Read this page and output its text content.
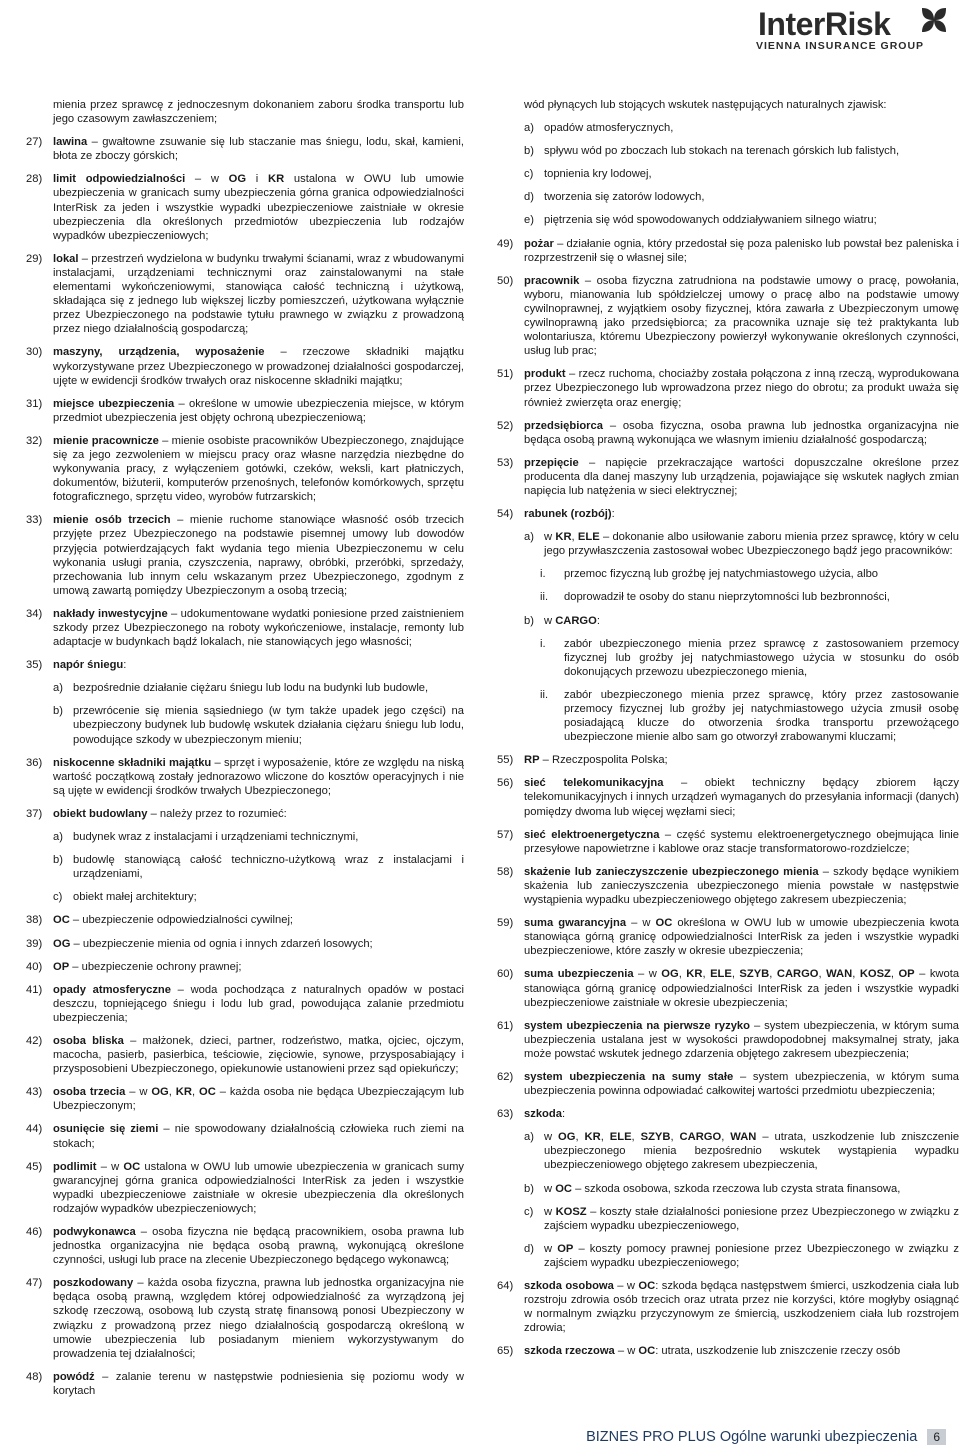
InterRisk
VIENNA INSURANCE GROUP
mienia przez sprawcę z jednoczesnym dokonaniem zaboru środka transportu lub jego czasowym zawłaszczeniem;
27) lawina – gwałtowne zsuwanie się lub staczanie mas śniegu, lodu, skał, kamieni, błota ze zboczy górskich;
28) limit odpowiedzialności – w OG i KR ustalona w OWU lub umowie ubezpieczenia w granicach sumy ubezpieczenia górna granica odpowiedzialności InterRisk za jeden i wszystkie wypadki ubezpieczeniowe zaistniałe w okresie ubezpieczenia dla określonych przedmiotów ubezpieczenia lub rodzajów wypadków ubezpieczeniowych;
29) lokal – przestrzeń wydzielona w budynku trwałymi ścianami, wraz z wbudowanymi instalacjami, urządzeniami technicznymi oraz zainstalowanymi na stałe elementami wykończeniowymi, stanowiąca całość techniczną i użytkową, składająca się z jednego lub większej liczby pomieszczeń, użytkowana wyłącznie przez Ubezpieczonego na podstawie tytułu prawnego w związku z prowadzoną przez niego działalnością gospodarczą;
30) maszyny, urządzenia, wyposażenie – rzeczowe składniki majątku wykorzystywane przez Ubezpieczonego w prowadzonej działalności gospodarczej, ujęte w ewidencji środków trwałych oraz niskocenne składniki majątku;
31) miejsce ubezpieczenia – określone w umowie ubezpieczenia miejsce, w którym przedmiot ubezpieczenia jest objęty ochroną ubezpieczeniową;
32) mienie pracownicze – mienie osobiste pracowników Ubezpieczonego, znajdujące się za jego zezwoleniem w miejscu pracy oraz własne narzędzia niezbędne do wykonywania pracy, z wyłączeniem gotówki, czeków, weksli, kart płatniczych, dokumentów, biżuterii, komputerów przenośnych, telefonów komórkowych, sprzętu fotograficznego, sprzętu video, wyrobów futrzarskich;
33) mienie osób trzecich – mienie ruchome stanowiące własność osób trzecich przyjęte przez Ubezpieczonego na podstawie pisemnej umowy lub dowodów przyjęcia potwierdzających fakt wydania tego mienia Ubezpieczonemu w celu wykonania usługi prania, czyszczenia, naprawy, obróbki, przeróbki, sprzedaży, przechowania lub innym celu wskazanym przez Ubezpieczonego, zgodnym z umową zawartą pomiędzy Ubezpieczonym a osobą trzecią;
34) nakłady inwestycyjne – udokumentowane wydatki poniesione przed zaistnieniem szkody przez Ubezpieczonego na roboty wykończeniowe, instalacje, remonty lub adaptacje w budynkach bądź lokalach, nie stanowiących jego własności;
35) napór śniegu:
a) bezpośrednie działanie ciężaru śniegu lub lodu na budynki lub budowle,
b) przewrócenie się mienia sąsiedniego (w tym także upadek jego części) na ubezpieczony budynek lub budowlę wskutek działania ciężaru śniegu lub lodu, powodujące szkody w ubezpieczonym mieniu;
36) niskocenne składniki majątku – sprzęt i wyposażenie, które ze względu na niską wartość początkową zostały jednorazowo wliczone do kosztów operacyjnych i nie są ujęte w ewidencji środków trwałych Ubezpieczonego;
37) obiekt budowlany – należy przez to rozumieć:
a) budynek wraz z instalacjami i urządzeniami technicznymi,
b) budowlę stanowiącą całość techniczno-użytkową wraz z instalacjami i urządzeniami,
c) obiekt małej architektury;
38) OC – ubezpieczenie odpowiedzialności cywilnej;
39) OG – ubezpieczenie mienia od ognia i innych zdarzeń losowych;
40) OP – ubezpieczenie ochrony prawnej;
41) opady atmosferyczne – woda pochodząca z naturalnych opadów w postaci deszczu, topniejącego śniegu i lodu lub grad, powodująca zalanie przedmiotu ubezpieczenia;
42) osoba bliska – małżonek, dzieci, partner, rodzeństwo, matka, ojciec, ojczym, macocha, pasierb, pasierbica, teściowie, zięciowie, synowe, przysposabiający i przysposobieni Ubezpieczonego, opiekunowie ustanowieni przez sąd opiekuńczy;
43) osoba trzecia – w OG, KR, OC – każda osoba nie będąca Ubezpieczającym lub Ubezpieczonym;
44) osunięcie się ziemi – nie spowodowany działalnością człowieka ruch ziemi na stokach;
45) podlimit – w OC ustalona w OWU lub umowie ubezpieczenia w granicach sumy gwarancyjnej górna granica odpowiedzialności InterRisk za jeden i wszystkie wypadki ubezpieczeniowe zaistniałe w okresie ubezpieczenia dla określonych rodzajów wypadków ubezpieczeniowych;
46) podwykonawca – osoba fizyczna nie będącą pracownikiem, osoba prawna lub jednostka organizacyjna nie będąca osobą prawną, wykonującą określone czynności, usługi lub prace na zlecenie Ubezpieczonego będącego wykonawcą;
47) poszkodowany – każda osoba fizyczna, prawna lub jednostka organizacyjna nie będąca osobą prawną, względem której odpowiedzialność za wyrządzoną jej szkodę rzeczową, osobową lub czystą stratę finansową ponosi Ubezpieczony w związku z prowadzoną przez niego działalnością gospodarczą określoną w umowie ubezpieczenia lub posiadanym mieniem wykorzystywanym do prowadzenia tej działalności;
48) powódź – zalanie terenu w następstwie podniesienia się poziomu wody w korytach
wód płynących lub stojących wskutek następujących naturalnych zjawisk:
a) opadów atmosferycznych,
b) spływu wód po zboczach lub stokach na terenach górskich lub falistych,
c) topnienia kry lodowej,
d) tworzenia się zatorów lodowych,
e) piętrzenia się wód spowodowanych oddziaływaniem silnego wiatru;
49) pożar – działanie ognia, który przedostał się poza palenisko lub powstał bez paleniska i rozprzestrzenił się o własnej sile;
50) pracownik – osoba fizyczna zatrudniona na podstawie umowy o pracę, powołania, wyboru, mianowania lub spółdzielczej umowy o pracę albo na podstawie umowy cywilnoprawnej, z wyjątkiem osoby fizycznej, która zawarła z Ubezpieczonym umowę cywilnoprawną jako przedsiębiorca; za pracownika uznaje się też praktykanta lub wolontariusza, któremu Ubezpieczony powierzył wykonywanie określonych czynności, usług lub prac;
51) produkt – rzecz ruchoma, chociażby została połączona z inną rzeczą, wyprodukowana przez Ubezpieczonego lub wprowadzona przez niego do obrotu; za produkt uważa się również zwierzęta oraz energię;
52) przedsiębiorca – osoba fizyczna, osoba prawna lub jednostka organizacyjna nie będąca osobą prawną wykonująca we własnym imieniu działalność gospodarczą;
53) przepięcie – napięcie przekraczające wartości dopuszczalne określone przez producenta dla danej maszyny lub urządzenia, pojawiające się wskutek nagłych zmian napięcia lub natężenia w sieci elektrycznej;
54) rabunek (rozbój):
a) w KR, ELE – dokonanie albo usiłowanie zaboru mienia przez sprawcę, który w celu jego przywłaszczenia zastosował wobec Ubezpieczonego bądź jego pracowników:
i. przemoc fizyczną lub groźbę jej natychmiastowego użycia, albo
ii. doprowadził te osoby do stanu nieprzytomności lub bezbronności,
b) w CARGO:
i. zabór ubezpieczonego mienia przez sprawcę z zastosowaniem przemocy fizycznej lub groźby jej natychmiastowego użycia w stosunku do osób dokonujących przewozu ubezpieczonego mienia,
ii. zabór ubezpieczonego mienia przez sprawcę, który przez zastosowanie przemocy fizycznej lub groźby jej natychmiastowego użycia zmusił osobę posiadającą klucze do otworzenia środka transportu przewożącego ubezpieczone mienie albo sam go otworzył zrabowanymi kluczami;
55) RP – Rzeczpospolita Polska;
56) sieć telekomunikacyjna – obiekt techniczny będący zbiorem łączy telekomunikacyjnych i innych urządzeń wymaganych do przesyłania informacji (danych) pomiędzy dwoma lub więcej węzłami sieci;
57) sieć elektroenergetyczna – część systemu elektroenergetycznego obejmująca linie przesyłowe napowietrzne i kablowe oraz stacje transformatorowo-rozdzielcze;
58) skażenie lub zanieczyszczenie ubezpieczonego mienia – szkody będące wynikiem skażenia lub zanieczyszczenia ubezpieczonego mienia powstałe w następstwie wystąpienia wypadku ubezpieczeniowego objętego zakresem ubezpieczenia;
59) suma gwarancyjna – w OC określona w OWU lub w umowie ubezpieczenia kwota stanowiąca górną granicę odpowiedzialności InterRisk za jeden i wszystkie wypadki ubezpieczeniowe, które zaszły w okresie ubezpieczenia;
60) suma ubezpieczenia – w OG, KR, ELE, SZYB, CARGO, WAN, KOSZ, OP – kwota stanowiąca górną granicę odpowiedzialności InterRisk za jeden i wszystkie wypadki ubezpieczeniowe zaistniałe w okresie ubezpieczenia;
61) system ubezpieczenia na pierwsze ryzyko – system ubezpieczenia, w którym suma ubezpieczenia ustalana jest w wysokości prawdopodobnej maksymalnej straty, jaka może powstać wskutek jednego zdarzenia objętego zakresem ubezpieczenia;
62) system ubezpieczenia na sumy stałe – system ubezpieczenia, w którym suma ubezpieczenia powinna odpowiadać całkowitej wartości przedmiotu ubezpieczenia;
63) szkoda:
a) w OG, KR, ELE, SZYB, CARGO, WAN – utrata, uszkodzenie lub zniszczenie ubezpieczonego mienia bezpośrednio wskutek wystąpienia wypadku ubezpieczeniowego objętego zakresem ubezpieczenia,
b) w OC – szkoda osobowa, szkoda rzeczowa lub czysta strata finansowa,
c) w KOSZ – koszty stałe działalności poniesione przez Ubezpieczonego w związku z zajściem wypadku ubezpieczeniowego,
d) w OP – koszty pomocy prawnej poniesione przez Ubezpieczonego w związku z zajściem wypadku ubezpieczeniowego;
64) szkoda osobowa – w OC: szkoda będąca następstwem śmierci, uszkodzenia ciała lub rozstroju zdrowia osób trzecich oraz utrata przez nie korzyści, które mogłyby osiągnąć w normalnym związku przyczynowym ze śmiercią, uszkodzeniem ciała lub rozstrojem zdrowia;
65) szkoda rzeczowa – w OC: utrata, uszkodzenie lub zniszczenie rzeczy osób
BIZNES PRO PLUS Ogólne warunki ubezpieczenia	6
